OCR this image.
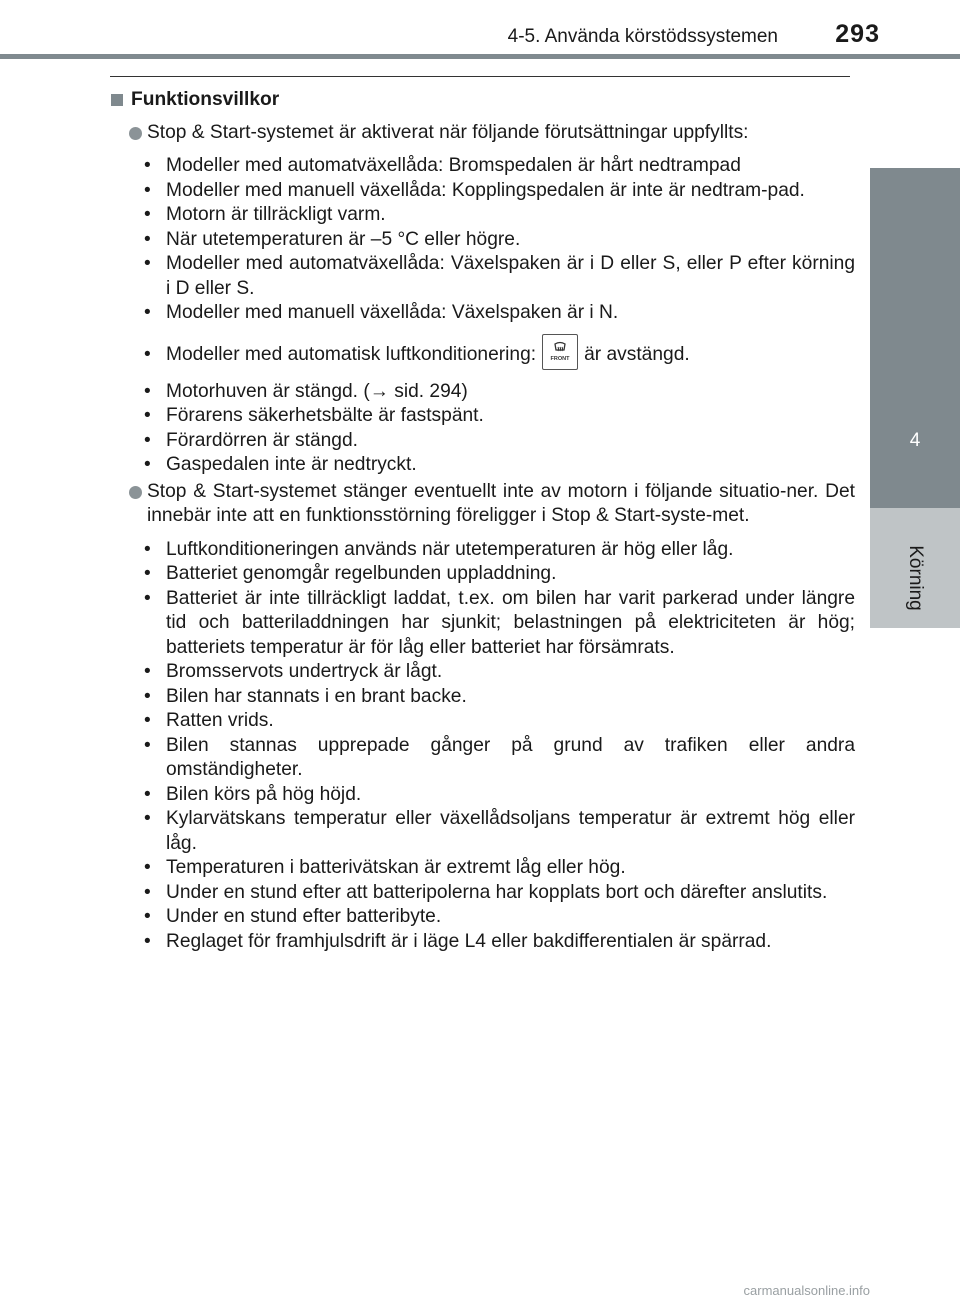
4-5. Använda körstödssystemen 293
4
Körning
Funktionsvillkor
Stop & Start-systemet är aktiverat när följande förutsättningar uppfyllts:
• Modeller med automatväxellåda: Bromspedalen är hårt nedtrampad
• Modeller med manuell växellåda: Kopplingspedalen är inte är nedtram-pad.
• Motorn är tillräckligt varm.
• När utetemperaturen är –5 °C eller högre.
• Modeller med automatväxellåda: Växelspaken är i D eller S, eller P efter körning i D eller S.
• Modeller med manuell växellåda: Växelspaken är i N.
• Modeller med automatisk luftkonditionering:	FRONT är avstängd.
• Motorhuven är stängd. (→ sid. 294)
• Förarens säkerhetsbälte är fastspänt.
• Förardörren är stängd.
• Gaspedalen inte är nedtryckt.
Stop & Start-systemet stänger eventuellt inte av motorn i följande situatio-ner. Det innebär inte att en funktionsstörning föreligger i Stop & Start-syste-met.
• Luftkonditioneringen används när utetemperaturen är hög eller låg.
• Batteriet genomgår regelbunden uppladdning.
• Batteriet är inte tillräckligt laddat, t.ex. om bilen har varit parkerad under längre tid och batteriladdningen har sjunkit; belastningen på elektriciteten är hög; batteriets temperatur är för låg eller batteriet har försämrats.
• Bromsservots undertryck är lågt.
• Bilen har stannats i en brant backe.
• Ratten vrids.
• Bilen stannas upprepade gånger på grund av trafiken eller andra omständigheter.
• Bilen körs på hög höjd.
• Kylarvätskans temperatur eller växellådsoljans temperatur är extremt hög eller låg.
• Temperaturen i batterivätskan är extremt låg eller hög.
• Under en stund efter att batteripolerna har kopplats bort och därefter anslutits.
• Under en stund efter batteribyte.
• Reglaget för framhjulsdrift är i läge L4 eller bakdifferentialen är spärrad.
carmanualsonline.info
